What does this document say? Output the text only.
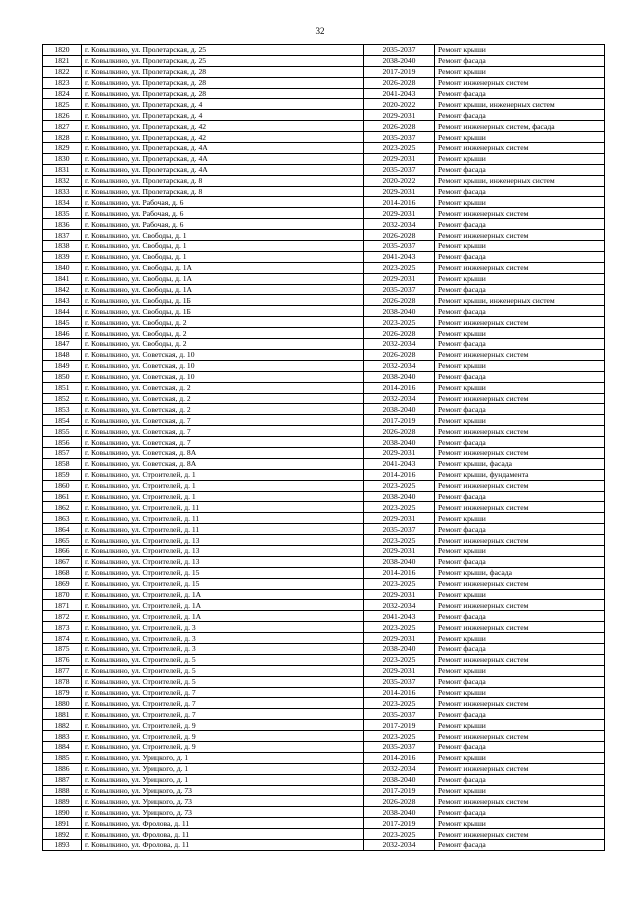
32
1820	г. Ковылкино, ул. Пролетарская, д. 25	2035-2037	Ремонт крыши
1821	г. Ковылкино, ул. Пролетарская, д. 25	2038-2040	Ремонт фасада
1822	г. Ковылкино, ул. Пролетарская, д. 28	2017-2019	Ремонт крыши
1823	г. Ковылкино, ул. Пролетарская, д. 28	2026-2028	Ремонт инженерных систем
1824	г. Ковылкино, ул. Пролетарская, д. 28	2041-2043	Ремонт фасада
1825	г. Ковылкино, ул. Пролетарская, д. 4	2020-2022	Ремонт крыши, инженерных систем
1826	г. Ковылкино, ул. Пролетарская, д. 4	2029-2031	Ремонт фасада
1827	г. Ковылкино, ул. Пролетарская, д. 42	2026-2028	Ремонт инженерных систем, фасада
1828	г. Ковылкино, ул. Пролетарская, д. 42	2035-2037	Ремонт крыши
1829	г. Ковылкино, ул. Пролетарская, д. 4А	2023-2025	Ремонт инженерных систем
1830	г. Ковылкино, ул. Пролетарская, д. 4А	2029-2031	Ремонт крыши
1831	г. Ковылкино, ул. Пролетарская, д. 4А	2035-2037	Ремонт фасада
1832	г. Ковылкино, ул. Пролетарская, д. 8	2020-2022	Ремонт крыши, инженерных систем
1833	г. Ковылкино, ул. Пролетарская, д. 8	2029-2031	Ремонт фасада
1834	г. Ковылкино, ул. Рабочая, д. 6	2014-2016	Ремонт крыши
1835	г. Ковылкино, ул. Рабочая, д. 6	2029-2031	Ремонт инженерных систем
1836	г. Ковылкино, ул. Рабочая, д. 6	2032-2034	Ремонт фасада
1837	г. Ковылкино, ул. Свободы, д. 1	2026-2028	Ремонт инженерных систем
1838	г. Ковылкино, ул. Свободы, д. 1	2035-2037	Ремонт крыши
1839	г. Ковылкино, ул. Свободы, д. 1	2041-2043	Ремонт фасада
1840	г. Ковылкино, ул. Свободы, д. 1А	2023-2025	Ремонт инженерных систем
1841	г. Ковылкино, ул. Свободы, д. 1А	2029-2031	Ремонт крыши
1842	г. Ковылкино, ул. Свободы, д. 1А	2035-2037	Ремонт фасада
1843	г. Ковылкино, ул. Свободы, д. 1Б	2026-2028	Ремонт крыши, инженерных систем
1844	г. Ковылкино, ул. Свободы, д. 1Б	2038-2040	Ремонт фасада
1845	г. Ковылкино, ул. Свободы, д. 2	2023-2025	Ремонт инженерных систем
1846	г. Ковылкино, ул. Свободы, д. 2	2026-2028	Ремонт крыши
1847	г. Ковылкино, ул. Свободы, д. 2	2032-2034	Ремонт фасада
1848	г. Ковылкино, ул. Советская, д. 10	2026-2028	Ремонт инженерных систем
1849	г. Ковылкино, ул. Советская, д. 10	2032-2034	Ремонт крыши
1850	г. Ковылкино, ул. Советская, д. 10	2038-2040	Ремонт фасада
1851	г. Ковылкино, ул. Советская, д. 2	2014-2016	Ремонт крыши
1852	г. Ковылкино, ул. Советская, д. 2	2032-2034	Ремонт инженерных систем
1853	г. Ковылкино, ул. Советская, д. 2	2038-2040	Ремонт фасада
1854	г. Ковылкино, ул. Советская, д. 7	2017-2019	Ремонт крыши
1855	г. Ковылкино, ул. Советская, д. 7	2026-2028	Ремонт инженерных систем
1856	г. Ковылкино, ул. Советская, д. 7	2038-2040	Ремонт фасада
1857	г. Ковылкино, ул. Советская, д. 8А	2029-2031	Ремонт инженерных систем
1858	г. Ковылкино, ул. Советская, д. 8А	2041-2043	Ремонт крыши, фасада
1859	г. Ковылкино, ул. Строителей, д. 1	2014-2016	Ремонт крыши, фундамента
1860	г. Ковылкино, ул. Строителей, д. 1	2023-2025	Ремонт инженерных систем
1861	г. Ковылкино, ул. Строителей, д. 1	2038-2040	Ремонт фасада
1862	г. Ковылкино, ул. Строителей, д. 11	2023-2025	Ремонт инженерных систем
1863	г. Ковылкино, ул. Строителей, д. 11	2029-2031	Ремонт крыши
1864	г. Ковылкино, ул. Строителей, д. 11	2035-2037	Ремонт фасада
1865	г. Ковылкино, ул. Строителей, д. 13	2023-2025	Ремонт инженерных систем
1866	г. Ковылкино, ул. Строителей, д. 13	2029-2031	Ремонт крыши
1867	г. Ковылкино, ул. Строителей, д. 13	2038-2040	Ремонт фасада
1868	г. Ковылкино, ул. Строителей, д. 15	2014-2016	Ремонт крыши, фасада
1869	г. Ковылкино, ул. Строителей, д. 15	2023-2025	Ремонт инженерных систем
1870	г. Ковылкино, ул. Строителей, д. 1А	2029-2031	Ремонт крыши
1871	г. Ковылкино, ул. Строителей, д. 1А	2032-2034	Ремонт инженерных систем
1872	г. Ковылкино, ул. Строителей, д. 1А	2041-2043	Ремонт фасада
1873	г. Ковылкино, ул. Строителей, д. 3	2023-2025	Ремонт инженерных систем
1874	г. Ковылкино, ул. Строителей, д. 3	2029-2031	Ремонт крыши
1875	г. Ковылкино, ул. Строителей, д. 3	2038-2040	Ремонт фасада
1876	г. Ковылкино, ул. Строителей, д. 5	2023-2025	Ремонт инженерных систем
1877	г. Ковылкино, ул. Строителей, д. 5	2029-2031	Ремонт крыши
1878	г. Ковылкино, ул. Строителей, д. 5	2035-2037	Ремонт фасада
1879	г. Ковылкино, ул. Строителей, д. 7	2014-2016	Ремонт крыши
1880	г. Ковылкино, ул. Строителей, д. 7	2023-2025	Ремонт инженерных систем
1881	г. Ковылкино, ул. Строителей, д. 7	2035-2037	Ремонт фасада
1882	г. Ковылкино, ул. Строителей, д. 9	2017-2019	Ремонт крыши
1883	г. Ковылкино, ул. Строителей, д. 9	2023-2025	Ремонт инженерных систем
1884	г. Ковылкино, ул. Строителей, д. 9	2035-2037	Ремонт фасада
1885	г. Ковылкино, ул. Урицкого, д. 1	2014-2016	Ремонт крыши
1886	г. Ковылкино, ул. Урицкого, д. 1	2032-2034	Ремонт инженерных систем
1887	г. Ковылкино, ул. Урицкого, д. 1	2038-2040	Ремонт фасада
1888	г. Ковылкино, ул. Урицкого, д. 73	2017-2019	Ремонт крыши
1889	г. Ковылкино, ул. Урицкого, д. 73	2026-2028	Ремонт инженерных систем
1890	г. Ковылкино, ул. Урицкого, д. 73	2038-2040	Ремонт фасада
1891	г. Ковылкино, ул. Фролова, д. 11	2017-2019	Ремонт крыши
1892	г. Ковылкино, ул. Фролова, д. 11	2023-2025	Ремонт инженерных систем
1893	г. Ковылкино, ул. Фролова, д. 11	2032-2034	Ремонт фасада
